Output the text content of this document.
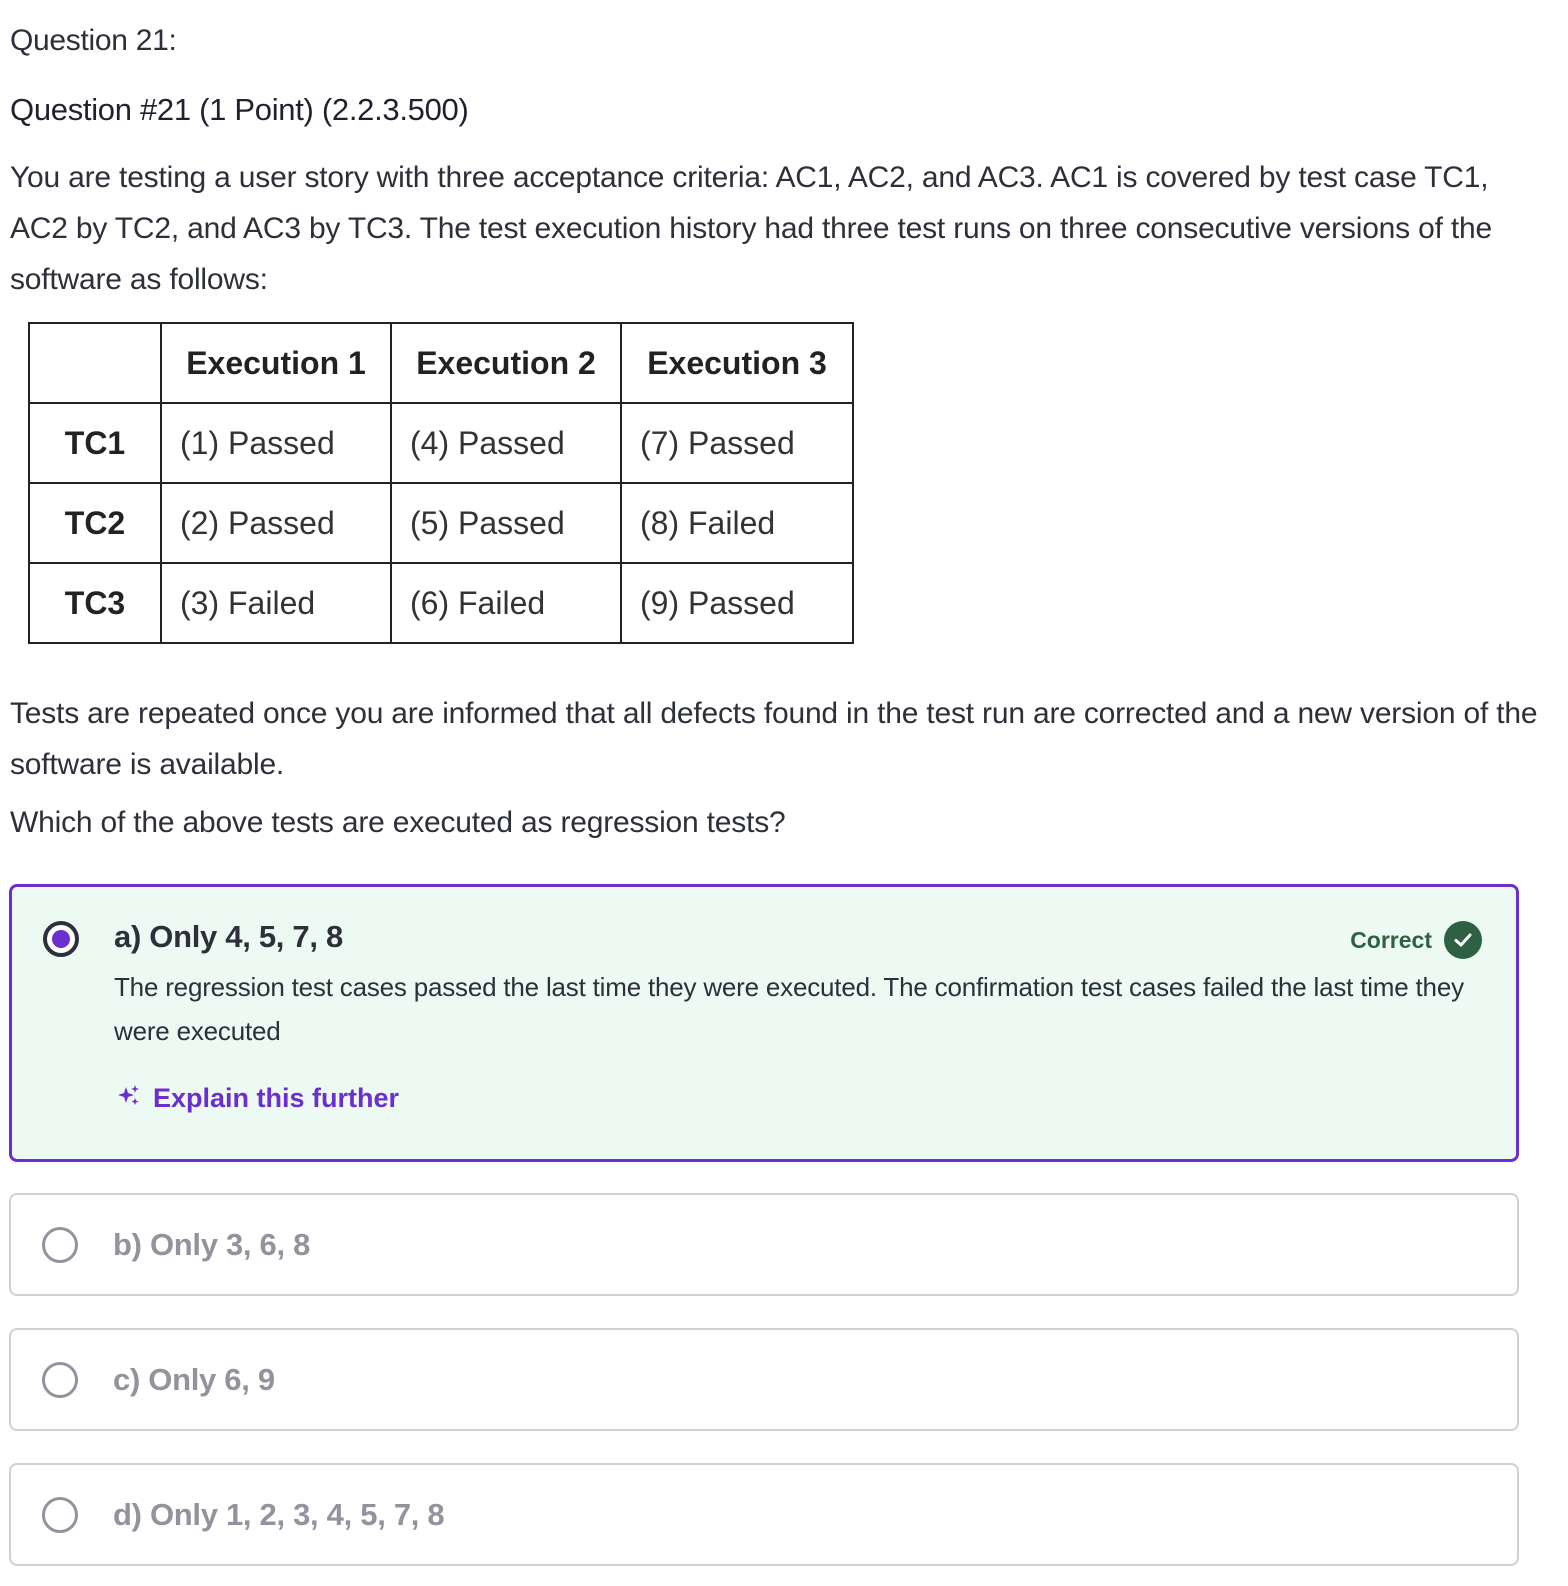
Question 21:
Question #21 (1 Point) (2.2.3.500)

You are testing a user story with three acceptance criteria: AC1, AC2, and AC3. AC1 is covered by test case TC1, AC2 by TC2, and AC3 by TC3. The test execution history had three test runs on three consecutive versions of the software as follows:

	Execution 1	Execution 2	Execution 3
TC1	(1) Passed	(4) Passed	(7) Passed
TC2	(2) Passed	(5) Passed	(8) Failed
TC3	(3) Failed	(6) Failed	(9) Passed

Tests are repeated once you are informed that all defects found in the test run are corrected and a new version of the software is available.

Which of the above tests are executed as regression tests?
a) Only 4, 5, 7, 8	Correct
The regression test cases passed the last time they were executed. The confirmation test cases failed the last time they were executed
Explain this further
b) Only 3, 6, 8
c) Only 6, 9
d) Only 1, 2, 3, 4, 5, 7, 8
